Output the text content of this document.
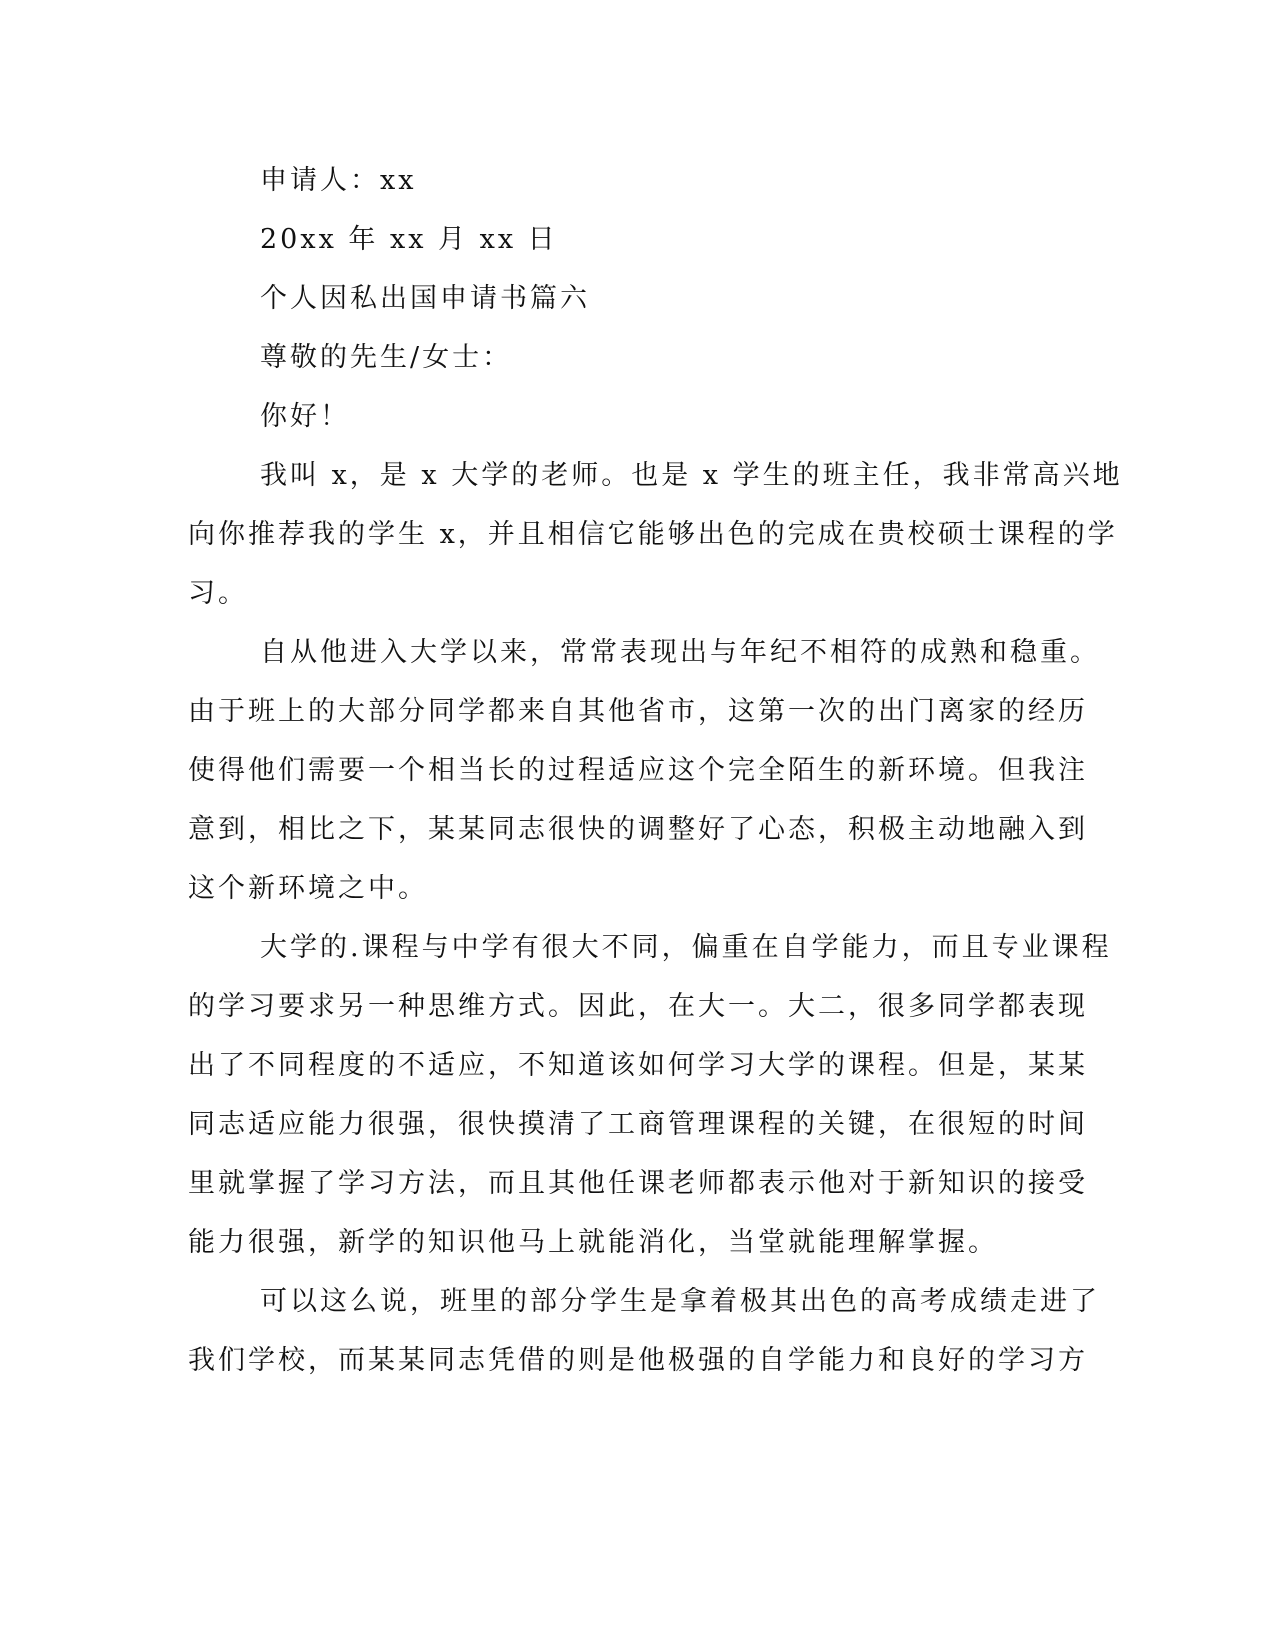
申请人：xx
20xx 年 xx 月 xx 日
个人因私出国申请书篇六
尊敬的先生/女士：
你好！
我叫 x，是 x 大学的老师。也是 x 学生的班主任，我非常高兴地
向你推荐我的学生 x，并且相信它能够出色的完成在贵校硕士课程的学
习。
自从他进入大学以来，常常表现出与年纪不相符的成熟和稳重。
由于班上的大部分同学都来自其他省市，这第一次的出门离家的经历
使得他们需要一个相当长的过程适应这个完全陌生的新环境。但我注
意到，相比之下，某某同志很快的调整好了心态，积极主动地融入到
这个新环境之中。
大学的.课程与中学有很大不同，偏重在自学能力，而且专业课程
的学习要求另一种思维方式。因此，在大一。大二，很多同学都表现
出了不同程度的不适应，不知道该如何学习大学的课程。但是，某某
同志适应能力很强，很快摸清了工商管理课程的关键，在很短的时间
里就掌握了学习方法，而且其他任课老师都表示他对于新知识的接受
能力很强，新学的知识他马上就能消化，当堂就能理解掌握。
可以这么说，班里的部分学生是拿着极其出色的高考成绩走进了
我们学校，而某某同志凭借的则是他极强的自学能力和良好的学习方
